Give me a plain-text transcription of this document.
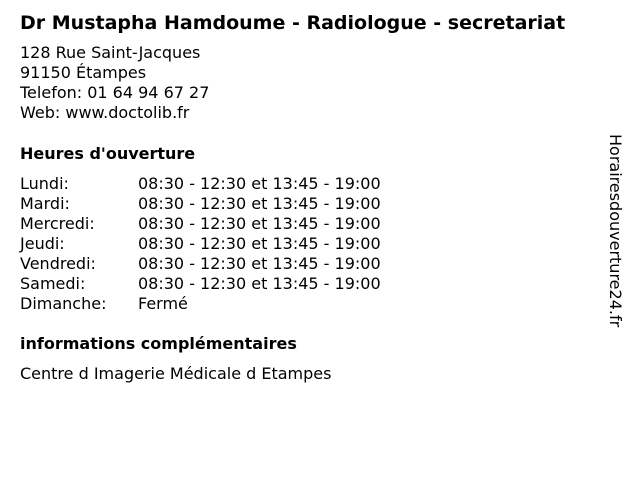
Dr Mustapha Hamdoume - Radiologue - secretariat
128 Rue Saint-Jacques
91150 Étampes
Telefon: 01 64 94 67 27
Web: www.doctolib.fr
Heures d'ouverture
Lundi:	08:30 - 12:30 et 13:45 - 19:00
Mardi:	08:30 - 12:30 et 13:45 - 19:00
Mercredi:	08:30 - 12:30 et 13:45 - 19:00
Jeudi:	08:30 - 12:30 et 13:45 - 19:00
Vendredi:	08:30 - 12:30 et 13:45 - 19:00
Samedi:	08:30 - 12:30 et 13:45 - 19:00
Dimanche: Fermé
informations complémentaires
Centre d Imagerie Médicale d Etampes
Horairesdouverture24.fr
